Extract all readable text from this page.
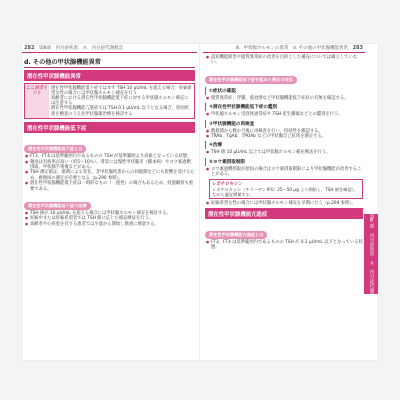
282 第Ⅲ部　内分泌疾患　８．内分泌代謝救急
d. その他の甲状腺機能異常
潜在性甲状腺機能異常
ここがポイント
潜在性甲状腺機能低下症ではまず TSH 10 μU/mL を超える場合、妊娠希望女性の場合には甲状腺ホルモン補充を行う
高齢者における潜在性甲状腺機能低下症に対する甲状腺ホルモン補充には注意する
潜在性甲状腺機能亢進症では TSH 0.1 μU/mL 以下となる場合、原因疾患を精査のうえ抗甲状腺薬治療を検討する
潜在性甲状腺機能低下症
潜在性甲状腺機能低下症とは
● FT3、FT4 は基準範囲内であるものの TSH が基準範囲より高値となっている状態。
● 頻度は有病率が高い（約5〜10％）。背景には慢性甲状腺炎（橋本病）やヨウ素過剰摂取、甲状腺手術後などがある。
● TSH 測定値は、薬剤による変化、非甲状腺疾患からの回復期などにも影響を受けるため、複数回の測定が必要となる（p.290 参照）。
● 潜在性甲状腺機能低下症は一時的なもの（一過性）の場合もあるため、経過観察も重要である。
潜在性甲状腺機能低下症の治療
● TSH 値が 10 μU/mL を超える場合には甲状腺ホルモン補充を検討する。
● 妊娠中または妊娠希望者では TSH 値に応じた補充療法を行う。
● 高齢者や心疾患を有する患者では少量から開始し慎重に増量する。
8．甲状腺ホルモンの異常　d. その他の甲状腺機能異常 283
● 認知機能障害や脂質異常症の改善を目的とした補充については確立していない。
潜在性甲状腺機能低下症を認めた場合の対応
①症状の確認
● 脂質異常症、浮腫、倦怠感など甲状腺機能低下症状の有無を確認する。
②潜在性甲状腺機能低下症の鑑別
● 甲状腺ホルモン受容体異常症や TSH 産生腫瘍などとの鑑別を行う。
③甲状腺機能の再検査
● 数週間から数か月後に再検査を行い、持続性を確認する。
● TRAb、TgAb、TPOAb などの甲状腺自己抗体を測定する。
④治療
● TSH 値 10 μU/mL 以上では甲状腺ホルモン補充療法を行う。
⑤ヨウ素摂取制限
● ヨウ素過剰摂取が原因の場合はヨウ素摂取制限により甲状腺機能が改善することがある。
レボチロキシン
レボチロキシン（チラーヂン®S）25〜50 μg より開始し、TSH 値を確認しながら適宜増量する。
● 妊娠希望女性の場合には甲状腺ホルモン補充を早期に行う（p.294 参照）。
潜在性甲状腺機能亢進症
潜在性甲状腺機能亢進症とは
● FT3、FT4 は基準範囲内であるものの TSH が 0.1 μU/mL 以下となっている状態。	第Ⅲ部　内分泌疾患　８．内分泌代謝救急
